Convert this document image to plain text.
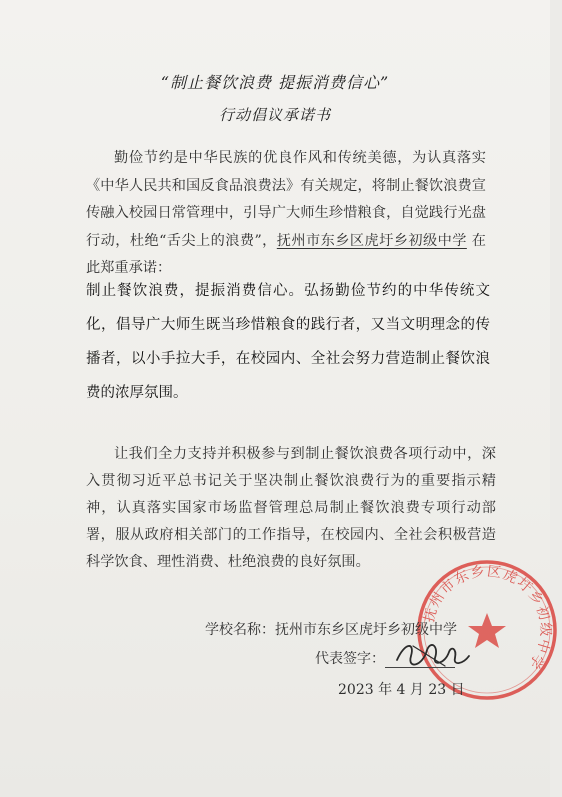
“制止餐饮浪费 提振消费信心”
行动倡议承诺书
勤俭节约是中华民族的优良作风和传统美德，为认真落实《中华人民共和国反食品浪费法》有关规定，将制止餐饮浪费宣传融入校园日常管理中，引导广大师生珍惜粮食，自觉践行光盘行动，杜绝“舌尖上的浪费”，抚州市东乡区虎圩乡初级中学 在此郑重承诺：
制止餐饮浪费，提振消费信心。弘扬勤俭节约的中华传统文化，倡导广大师生既当珍惜粮食的践行者，又当文明理念的传播者，以小手拉大手，在校园内、全社会努力营造制止餐饮浪费的浓厚氛围。
让我们全力支持并积极参与到制止餐饮浪费各项行动中，深入贯彻习近平总书记关于坚决制止餐饮浪费行为的重要指示精神，认真落实国家市场监督管理总局制止餐饮浪费专项行动部署，服从政府相关部门的工作指导，在校园内、全社会积极营造科学饮食、理性消费、杜绝浪费的良好氛围。
抚州市东乡区虎圩乡初级中学
学校名称：抚州市东乡区虎圩乡初级中学
代表签字：
2023 年 4 月 23 日
